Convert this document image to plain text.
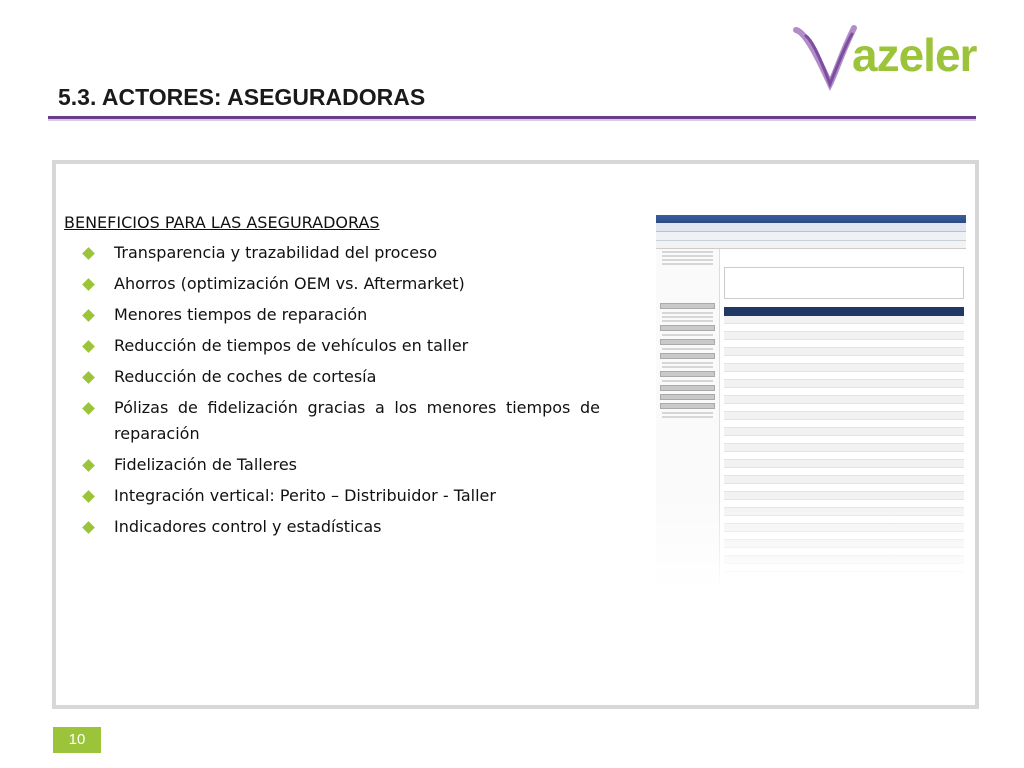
azeler
5.3. ACTORES: ASEGURADORAS
BENEFICIOS PARA LAS ASEGURADORAS
Transparencia y trazabilidad del proceso
Ahorros (optimización OEM vs. Aftermarket)
Menores tiempos de reparación
Reducción de tiempos de vehículos en taller
Reducción de coches de cortesía
Pólizas de fidelización gracias a los menores tiempos de reparación
Fidelización de Talleres
Integración vertical: Perito – Distribuidor - Taller
Indicadores control y estadísticas
10
